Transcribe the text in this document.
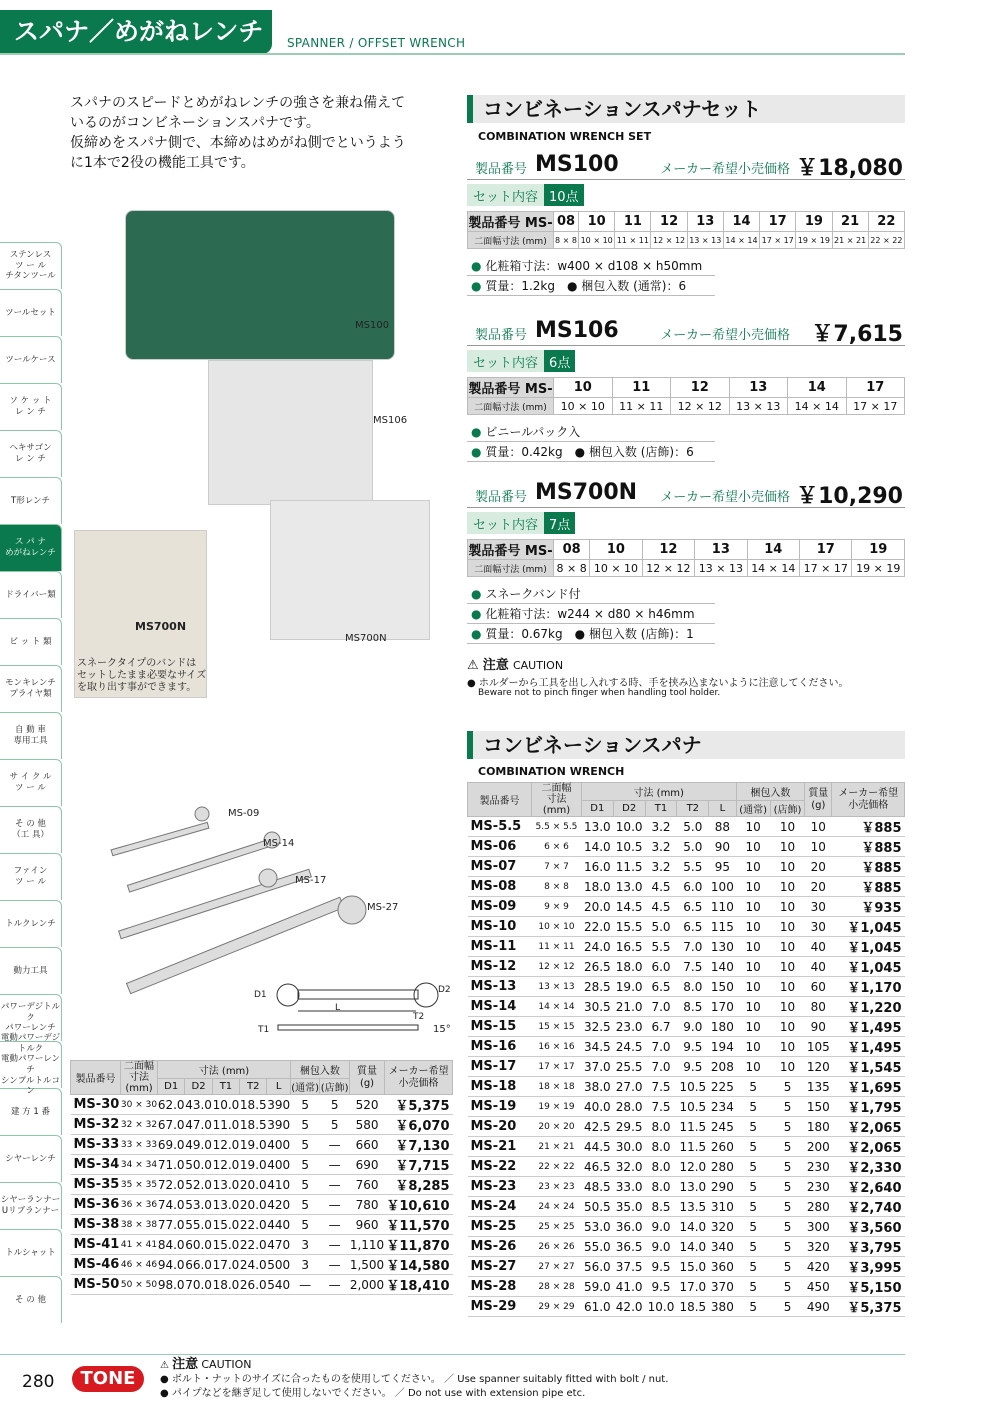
スパナ／めがねレンチ	SPANNER / OFFSET WRENCH
ステンレス
ツ ー ル
チタンツール
ツールセット
ツールケース
ソ ケ ッ ト
レ ン チ
ヘキサゴン
レ ン チ
T形レンチ
ス パ ナ
めがねレンチ
ドライバー類
ビ ッ ト 類
モンキレンチ
プライヤ類
自 動 車
専用工具
サ イ ク ル
ツ ー ル
そ の 他
（工 具）
ファイン
ツ ー ル
トルクレンチ
動力工具
パワーデジトルク
パワーレンチ
トルク
電動パワーレンチ
シンプルトルコ
建 方 1 番
シヤーレンチ
シヤーランナー
Uリブランナー
トルシャット
そ の 他
スパナのスピードとめがねレンチの強さを兼ね備えて
いるのがコンビネーションスパナです。
仮締めをスパナ側で、本締めはめがね側でというよう
に1本で2役の機能工具です。
MS100
MS106
MS700N
MS700N
スネークタイプのバンドは
セットしたまま必要なサイズ
を取り出す事ができます。
MS-09
MS-14
MS-17
MS-27
D1	D2
L
T1
T2
15°
コンビネーションスパナセット
COMBINATION WRENCH SET
製品番号 MS100	メーカー希望小売価格 ￥18,080
セット内容 10点
製品番号 MS-	08	10	11	12	13	14	17	19	21	22
二面幅寸法 (mm)	8 × 8	10 × 10	11 × 11	12 × 12	13 × 13	14 × 14	17 × 17	19 × 19	21 × 21	22 × 22
● 化粧箱寸法：w400 × d108 × h50mm
● 質量：1.2kg　● 梱包入数 (通常)：6
製品番号 MS106	メーカー希望小売価格 ￥7,615
セット内容 6点
製品番号 MS-	10	11	12	13	14	17
二面幅寸法 (mm)	10 × 10	11 × 11	12 × 12	13 × 13	14 × 14	17 × 17
● ビニールパック入
● 質量：0.42kg　● 梱包入数 (店飾)：6
製品番号 MS700N メーカー希望小売価格 ￥10,290
セット内容 7点
製品番号 MS-	08	10	12	13	14	17	19
二面幅寸法 (mm)	8 × 8	10 × 10	12 × 12	13 × 13	14 × 14	17 × 17	19 × 19
● スネークバンド付
● 化粧箱寸法：w244 × d80 × h46mm
● 質量：0.67kg　● 梱包入数 (店飾)：1
⚠ 注意 CAUTION
● ホルダーから工具を出し入れする時、手を挟み込まないように注意してください。
Beware not to pinch finger when handling tool holder.
コンビネーションスパナ
COMBINATION WRENCH
製品番号	二面幅
寸法
(mm)	寸法 (mm)					梱包入数		質量
(g)	メーカー希望
小売価格
		D1	D2	T1	T2	L	(通常)	(店飾)		
MS-5.5	5.5 × 5.5	13.0	10.0	3.2	5.0	88	10	10	10	￥885
MS-06	6 × 6	14.0	10.5	3.2	5.0	90	10	10	10	￥885
MS-07	7 × 7	16.0	11.5	3.2	5.5	95	10	10	20	￥885
MS-08	8 × 8	18.0	13.0	4.5	6.0	100	10	10	20	￥885
MS-09	9 × 9	20.0	14.5	4.5	6.5	110	10	10	30	￥935
MS-10	10 × 10	22.0	15.5	5.0	6.5	115	10	10	30	￥1,045
MS-11	11 × 11	24.0	16.5	5.5	7.0	130	10	10	40	￥1,045
MS-12	12 × 12	26.5	18.0	6.0	7.5	140	10	10	40	￥1,045
MS-13	13 × 13	28.5	19.0	6.5	8.0	150	10	10	60	￥1,170
MS-14	14 × 14	30.5	21.0	7.0	8.5	170	10	10	80	￥1,220
MS-15	15 × 15	32.5	23.0	6.7	9.0	180	10	10	90	￥1,495
MS-16	16 × 16	34.5	24.5	7.0	9.5	194	10	10	105	￥1,495
MS-17	17 × 17	37.0	25.5	7.0	9.5	208	10	10	120	￥1,545
MS-18	18 × 18	38.0	27.0	7.5	10.5	225	5	5	135	￥1,695
MS-19	19 × 19	40.0	28.0	7.5	10.5	234	5	5	150	￥1,795
MS-20	20 × 20	42.5	29.5	8.0	11.5	245	5	5	180	￥2,065
MS-21	21 × 21	44.5	30.0	8.0	11.5	260	5	5	200	￥2,065
MS-22	22 × 22	46.5	32.0	8.0	12.0	280	5	5	230	￥2,330
MS-23	23 × 23	48.5	33.0	8.0	13.0	290	5	5	230	￥2,640
MS-24	24 × 24	50.5	35.0	8.5	13.5	310	5	5	280	￥2,740
MS-25	25 × 25	53.0	36.0	9.0	14.0	320	5	5	300	￥3,560
MS-26	26 × 26	55.0	36.5	9.0	14.0	340	5	5	320	￥3,795
MS-27	27 × 27	56.0	37.5	9.5	15.0	360	5	5	420	￥3,995
MS-28	28 × 28	59.0	41.0	9.5	17.0	370	5	5	450	￥5,150
MS-29	29 × 29	61.0	42.0	10.0	18.5	380	5	5	490	￥5,375
製品番号	二面幅
寸法
(mm)	寸法 (mm)					梱包入数		質量
(g)	メーカー希望
小売価格
		D1	D2	T1	T2	L	(通常)	(店飾)		
MS-30	30 × 30	62.0	43.0	10.0	18.5	390	5	5	520	￥5,375
MS-32	32 × 32	67.0	47.0	11.0	18.5	390	5	5	580	￥6,070
MS-33	33 × 33	69.0	49.0	12.0	19.0	400	5	—	660	￥7,130
MS-34	34 × 34	71.0	50.0	12.0	19.0	400	5	—	690	￥7,715
MS-35	35 × 35	72.0	52.0	13.0	20.0	410	5	—	760	￥8,285
MS-36	36 × 36	74.0	53.0	13.0	20.0	420	5	—	780	￥10,610
MS-38	38 × 38	77.0	55.0	15.0	22.0	440	5	—	960	￥11,570
MS-41	41 × 41	84.0	60.0	15.0	22.0	470	3	—	1,110	￥11,870
MS-46	46 × 46	94.0	66.0	17.0	24.0	500	3	—	1,500	￥14,580
MS-50	50 × 50	98.0	70.0	18.0	26.0	540	—	—	2,000	￥18,410
280	TONE
⚠ 注意 CAUTION
● ボルト・ナットのサイズに合ったものを使用してください。 ／ Use spanner suitably fitted with bolt / nut.
● パイプなどを継ぎ足して使用しないでください。 ／ Do not use with extension pipe etc.
